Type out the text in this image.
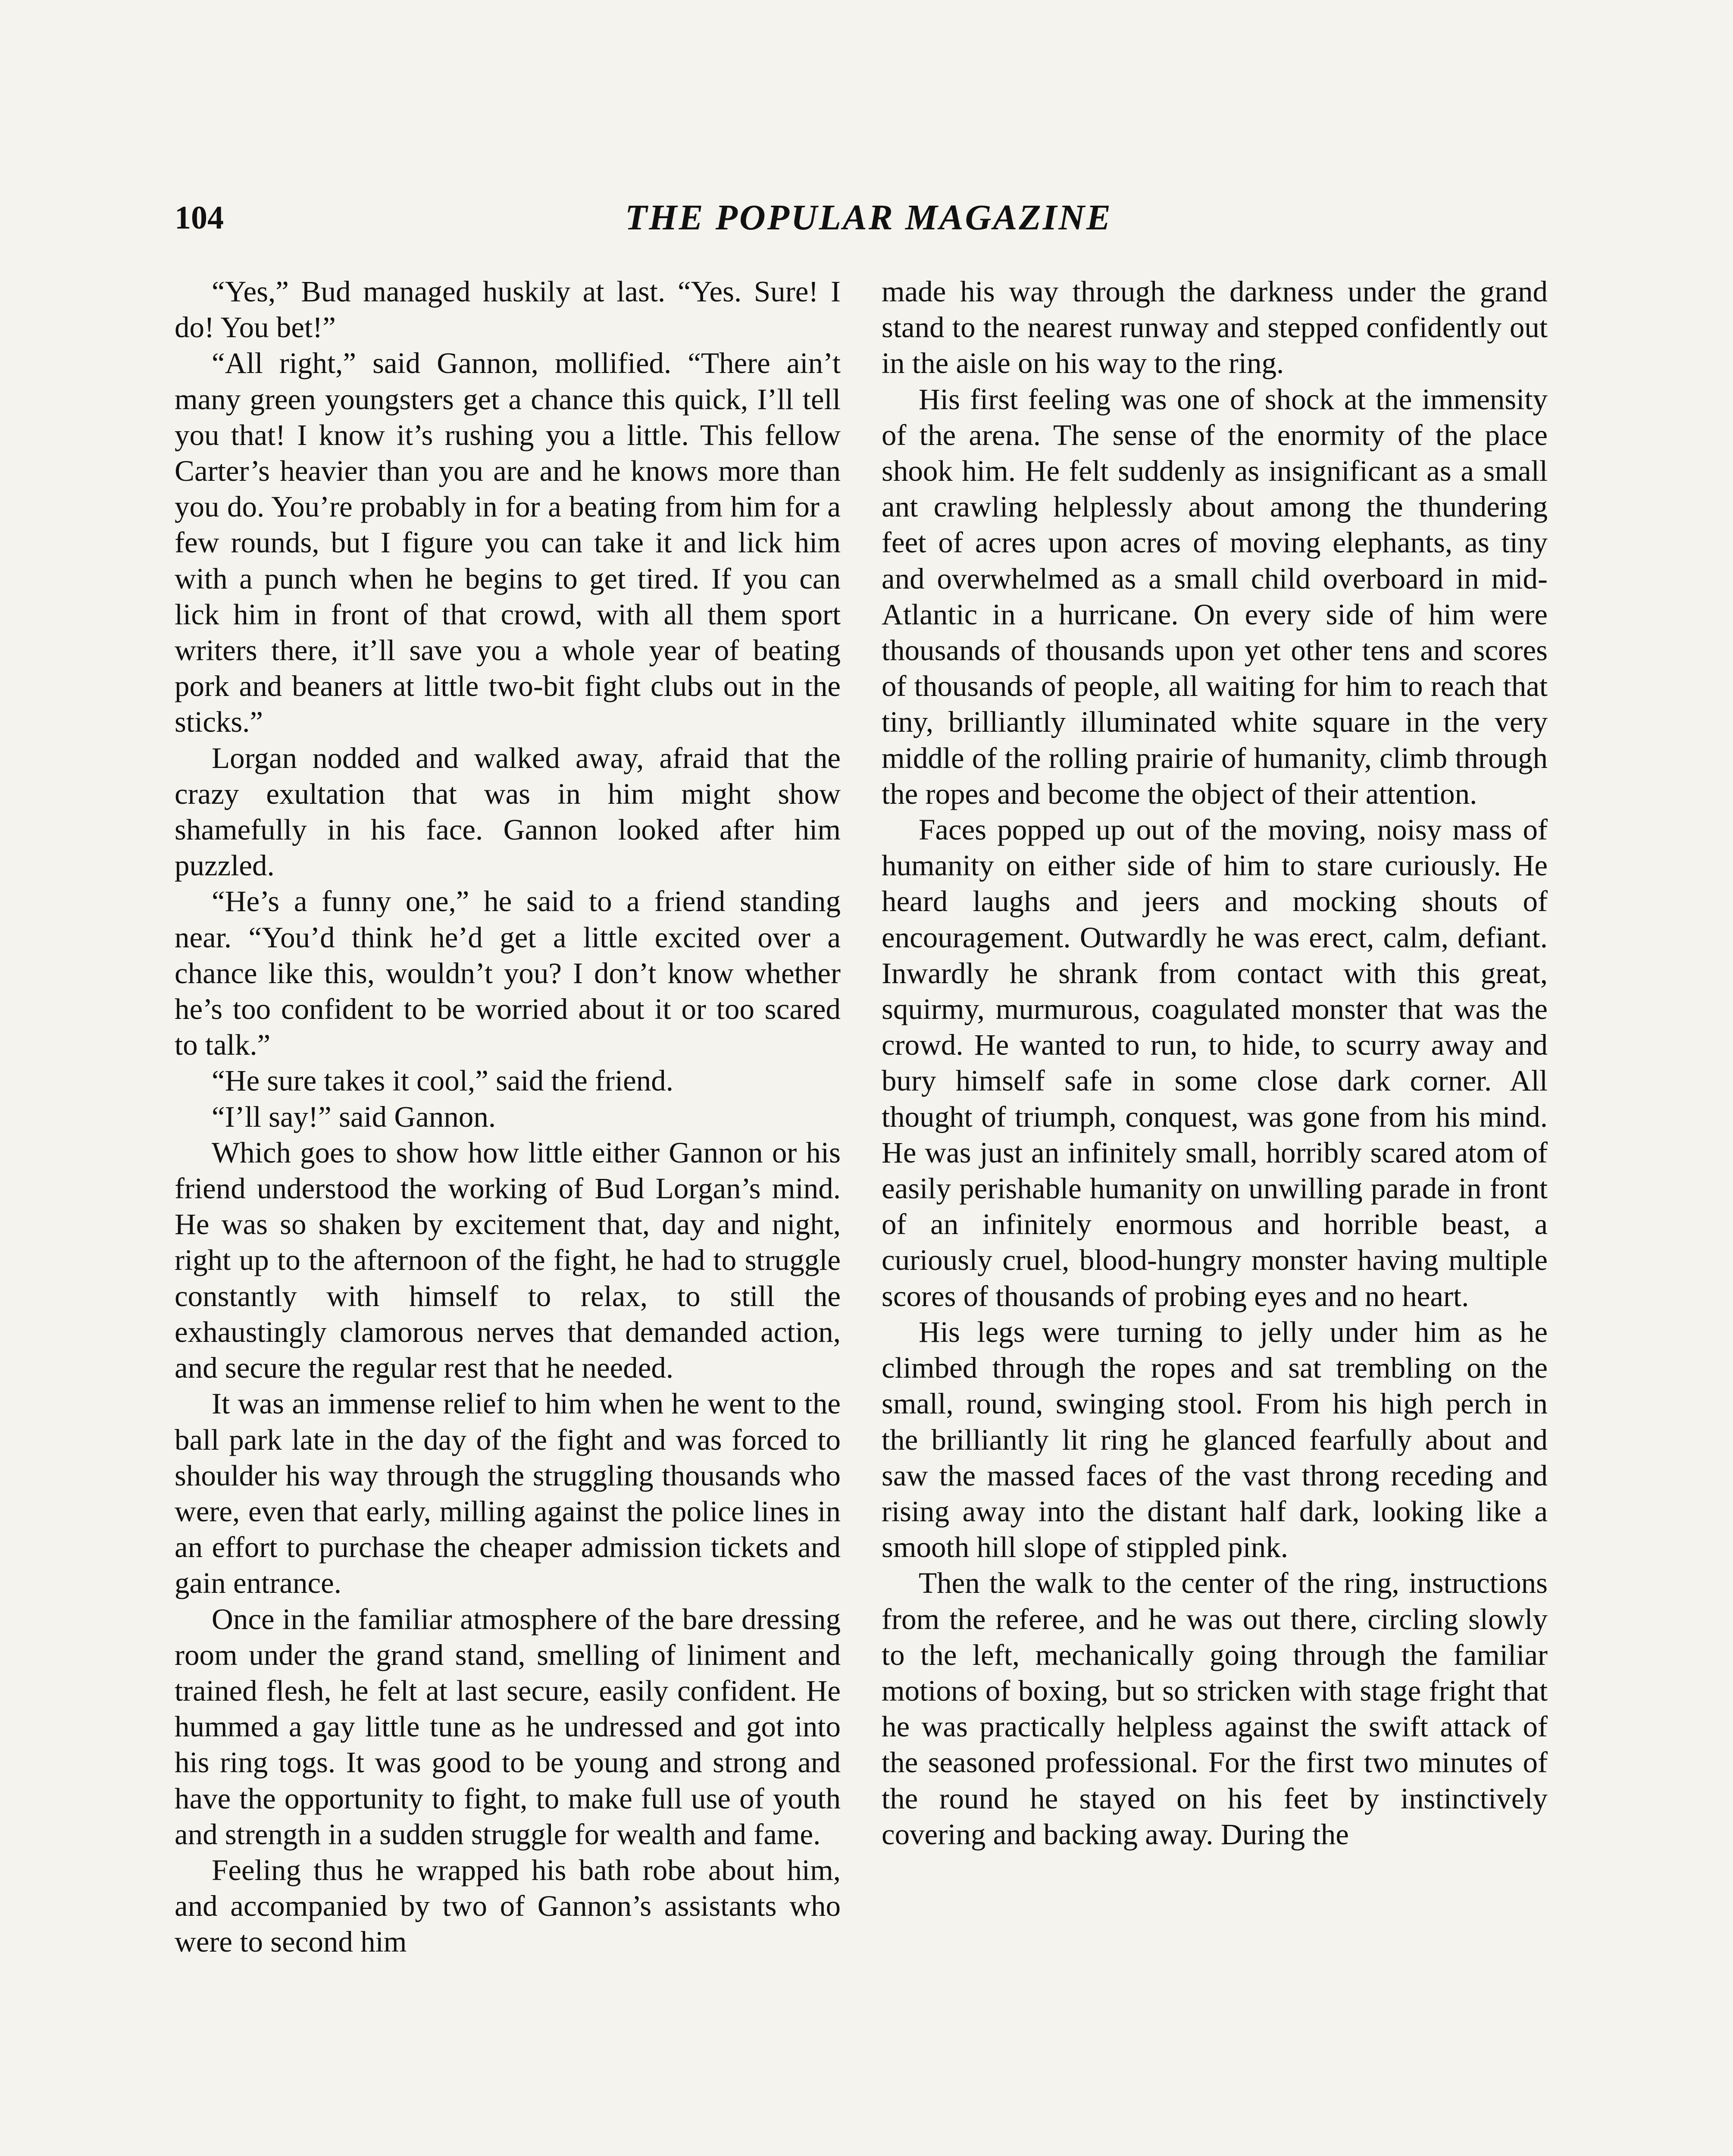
104	THE POPULAR MAGAZINE

“Yes,” Bud managed huskily at last. “Yes. Sure! I do! You bet!”

“All right,” said Gannon, mollified. “There ain’t many green youngsters get a chance this quick, I’ll tell you that! I know it’s rushing you a little. This fellow Carter’s heavier than you are and he knows more than you do. You’re probably in for a beating from him for a few rounds, but I figure you can take it and lick him with a punch when he begins to get tired. If you can lick him in front of that crowd, with all them sport writers there, it’ll save you a whole year of beating pork and beaners at little two-bit fight clubs out in the sticks.”

Lorgan nodded and walked away, afraid that the crazy exultation that was in him might show shamefully in his face. Gannon looked after him puzzled.

“He’s a funny one,” he said to a friend standing near. “You’d think he’d get a little excited over a chance like this, wouldn’t you? I don’t know whether he’s too confident to be worried about it or too scared to talk.”

“He sure takes it cool,” said the friend.

“I’ll say!” said Gannon.

Which goes to show how little either Gannon or his friend understood the working of Bud Lorgan’s mind. He was so shaken by excitement that, day and night, right up to the afternoon of the fight, he had to struggle constantly with himself to relax, to still the exhaustingly clamorous nerves that demanded action, and secure the regular rest that he needed.

It was an immense relief to him when he went to the ball park late in the day of the fight and was forced to shoulder his way through the struggling thousands who were, even that early, milling against the police lines in an effort to purchase the cheaper admission tickets and gain entrance.

Once in the familiar atmosphere of the bare dressing room under the grand stand, smelling of liniment and trained flesh, he felt at last secure, easily confident. He hummed a gay little tune as he undressed and got into his ring togs. It was good to be young and strong and have the opportunity to fight, to make full use of youth and strength in a sudden struggle for wealth and fame.

Feeling thus he wrapped his bath robe about him, and accompanied by two of Gannon’s assistants who were to second him

made his way through the darkness under the grand stand to the nearest runway and stepped confidently out in the aisle on his way to the ring.

His first feeling was one of shock at the immensity of the arena. The sense of the enormity of the place shook him. He felt suddenly as insignificant as a small ant crawling helplessly about among the thundering feet of acres upon acres of moving elephants, as tiny and overwhelmed as a small child overboard in mid-Atlantic in a hurricane. On every side of him were thousands of thousands upon yet other tens and scores of thousands of people, all waiting for him to reach that tiny, brilliantly illuminated white square in the very middle of the rolling prairie of humanity, climb through the ropes and become the object of their attention.

Faces popped up out of the moving, noisy mass of humanity on either side of him to stare curiously. He heard laughs and jeers and mocking shouts of encouragement. Outwardly he was erect, calm, defiant. Inwardly he shrank from contact with this great, squirmy, murmurous, coagulated monster that was the crowd. He wanted to run, to hide, to scurry away and bury himself safe in some close dark corner. All thought of triumph, conquest, was gone from his mind. He was just an infinitely small, horribly scared atom of easily perishable humanity on unwilling parade in front of an infinitely enormous and horrible beast, a curiously cruel, blood-hungry monster having multiple scores of thousands of probing eyes and no heart.

His legs were turning to jelly under him as he climbed through the ropes and sat trembling on the small, round, swinging stool. From his high perch in the brilliantly lit ring he glanced fearfully about and saw the massed faces of the vast throng receding and rising away into the distant half dark, looking like a smooth hill slope of stippled pink.

Then the walk to the center of the ring, instructions from the referee, and he was out there, circling slowly to the left, mechanically going through the familiar motions of boxing, but so stricken with stage fright that he was practically helpless against the swift attack of the seasoned professional. For the first two minutes of the round he stayed on his feet by instinctively covering and backing away. During the
